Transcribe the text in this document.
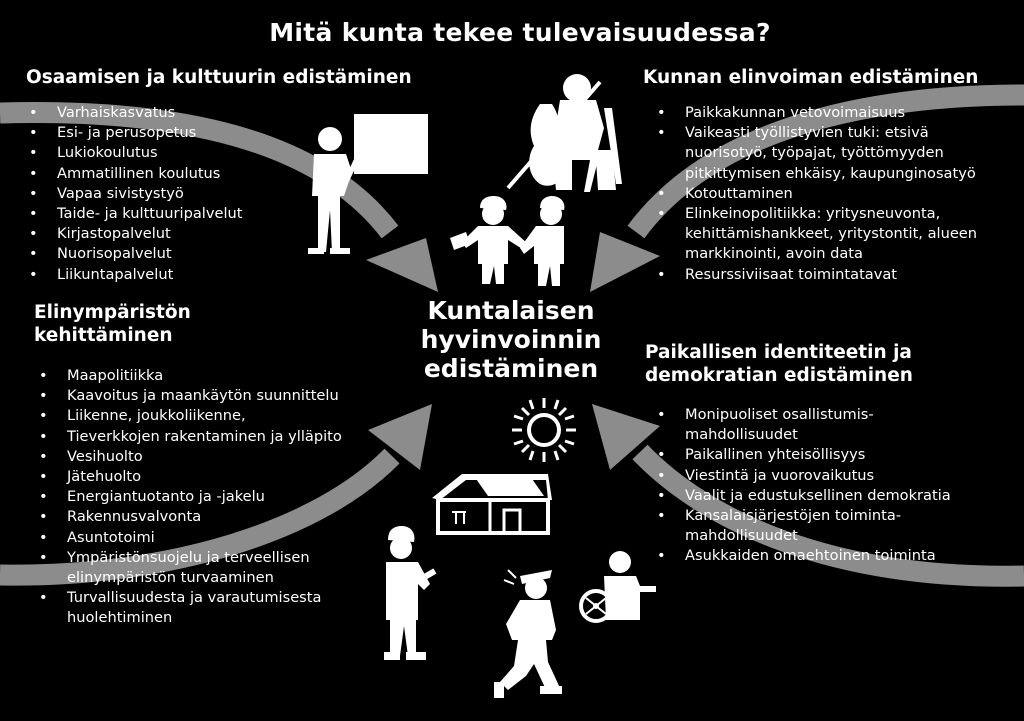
Mitä kunta tekee tulevaisuudessa?
Osaamisen ja kulttuurin edistäminen
• Varhaiskasvatus
• Esi- ja perusopetus
• Lukiokoulutus
• Ammatillinen koulutus
• Vapaa sivistystyö
• Taide- ja kulttuuripalvelut
• Kirjastopalvelut
• Nuorisopalvelut
• Liikuntapalvelut
Kunnan elinvoiman edistäminen
• Paikkakunnan vetovoimaisuus
• Vaikeasti työllistyvien tuki: etsivä
nuorisotyö, työpajat, työttömyyden
pitkittymisen ehkäisy, kaupunginosatyö
• Kotouttaminen
• Elinkeinopolitiikka: yritysneuvonta,
kehittämishankkeet, yritystontit, alueen
markkinointi, avoin data
• Resurssiviisaat toimintatavat
Elinympäristön
kehittäminen
• Maapolitiikka
• Kaavoitus ja maankäytön suunnittelu
• Liikenne, joukkoliikenne,
• Tieverkkojen rakentaminen ja ylläpito
• Vesihuolto
• Jätehuolto
• Energiantuotanto ja -jakelu
• Rakennusvalvonta
• Asuntotoimi
• Ympäristönsuojelu ja terveellisen
elinympäristön turvaaminen
• Turvallisuudesta ja varautumisesta
huolehtiminen
Kuntalaisen
hyvinvoinnin
edistäminen
Paikallisen identiteetin ja
demokratian edistäminen
• Monipuoliset osallistumis-
mahdollisuudet
• Paikallinen yhteisöllisyys
• Viestintä ja vuorovaikutus
• Vaalit ja edustuksellinen demokratia
• Kansalaisjärjestöjen toiminta-
mahdollisuudet
• Asukkaiden omaehtoinen toiminta
